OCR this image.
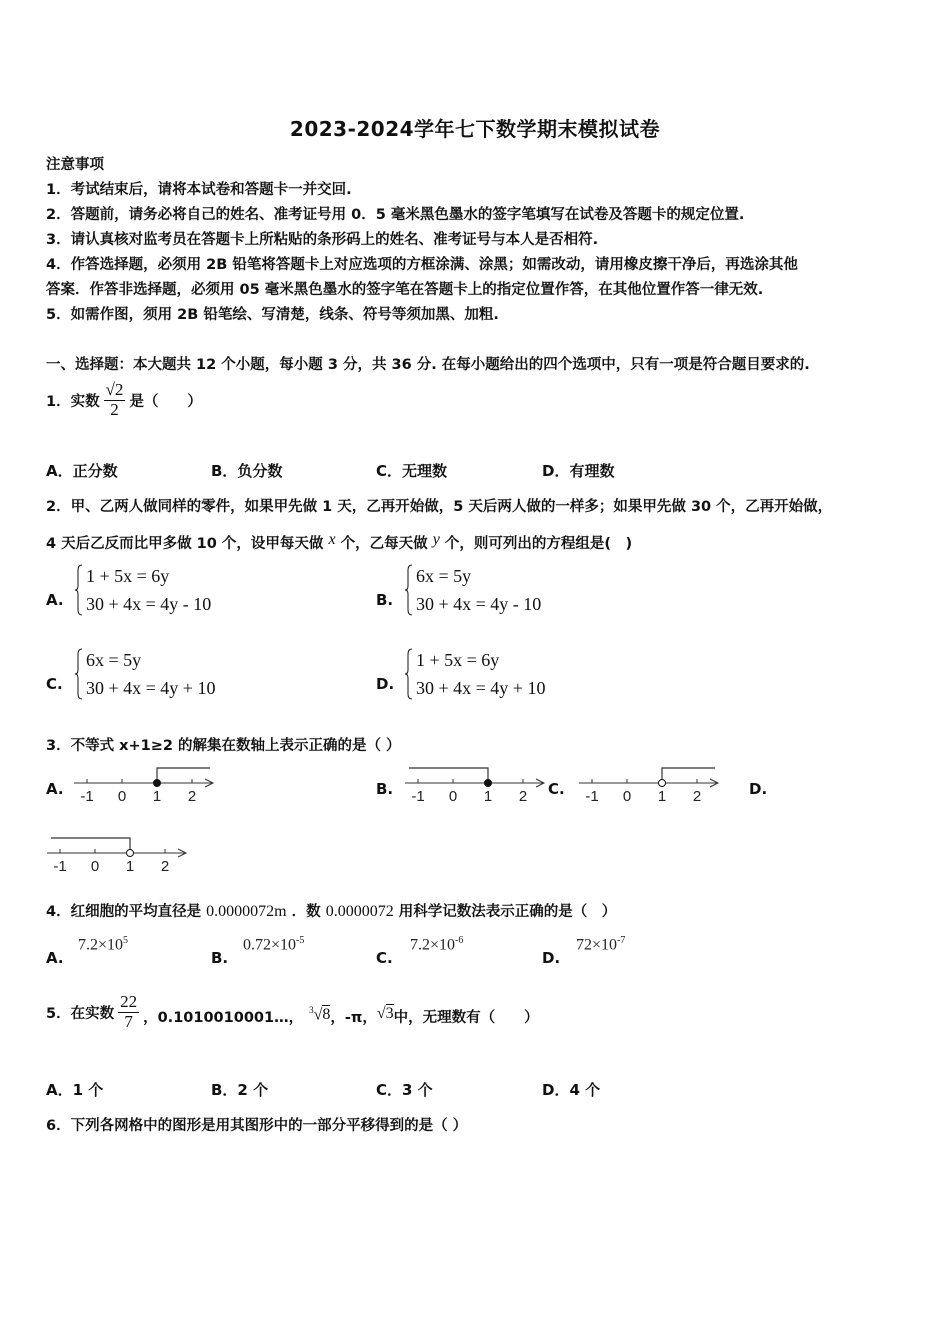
2023-2024学年七下数学期末模拟试卷
注意事项
1．考试结束后，请将本试卷和答题卡一并交回.
2．答题前，请务必将自己的姓名、准考证号用 0．5 毫米黑色墨水的签字笔填写在试卷及答题卡的规定位置.
3．请认真核对监考员在答题卡上所粘贴的条形码上的姓名、准考证号与本人是否相符.
4．作答选择题，必须用 2B 铅笔将答题卡上对应选项的方框涂满、涂黑；如需改动，请用橡皮擦干净后，再选涂其他
答案．作答非选择题，必须用 05 毫米黑色墨水的签字笔在答题卡上的指定位置作答，在其他位置作答一律无效.
5．如需作图，须用 2B 铅笔绘、写清楚，线条、符号等须加黑、加粗.
一、选择题：本大题共 12 个小题，每小题 3 分，共 36 分. 在每小题给出的四个选项中，只有一项是符合题目要求的.
1．实数 $\frac{√2}{2}$ 是（　　）
A．正分数	B．负分数	C．无理数	D．有理数
2．甲、乙两人做同样的零件，如果甲先做 1 天，乙再开始做，5 天后两人做的一样多；如果甲先做 30 个，乙再开始做，
4 天后乙反而比甲多做 10 个，设甲每天做 x 个，乙每天做 y 个，则可列出的方程组是(　)
A.
1 + 5x = 6y
30 + 4x = 4y - 10	B.
6x = 5y
30 + 4x = 4y - 10
C.
6x = 5y
30 + 4x = 4y + 10	D.
1 + 5x = 6y
30 + 4x = 4y + 10
3．不等式 x+1≥2 的解集在数轴上表示正确的是（ ）
A. -1 0 1 2	B. -1 0 1 2 C. -1 0 1 2	D.
-1 0 1 2
4．红细胞的平均直径是 0.0000072m ．数 0.0000072 用科学记数法表示正确的是（　）
A.
$7.2\times 10^5$
B.
$0.72\times 10^{-5}$
C.
$7.2\times 10^{-6}$
D.
$72\times 10^{-7}$
5．在实数 $\frac{22}{7}$ ，0.1010010001…，
$^3$√8 ，-π， √3 中，无理数有（　　）
A．1 个	B．2 个	C．3 个	D．4 个
6．下列各网格中的图形是用其图形中的一部分平移得到的是（ ）
